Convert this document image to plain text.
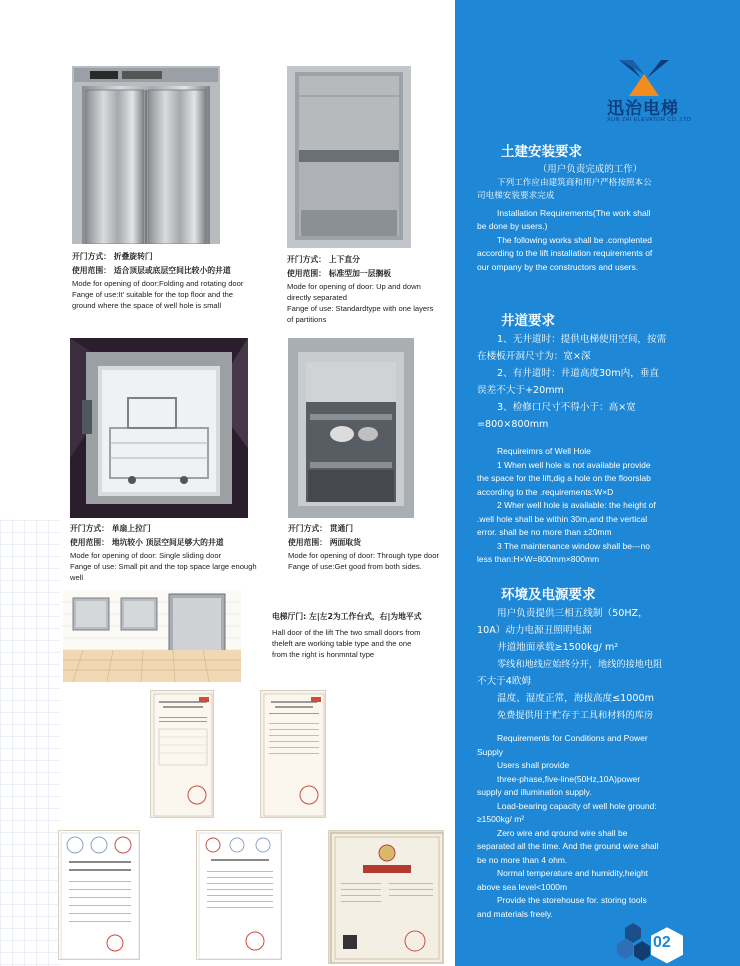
开门方式： 折叠旋转门
使用范围： 适合顶层或底层空间比较小的井道
Mode for opening of door:Folding and rotating door
Fange of use:It' suitable for the top floor and the
ground where the space of well hole is small
开门方式： 上下直分
使用范围： 标准型加一层搁板
Mode for opening of door: Up and down
directly separated
Fange of use: Standardtype with one layers
of partitions
开门方式： 单扇上拉门
使用范围： 地坑较小 顶层空间足够大的井道
Mode for opening of door: Single sliding door
Fange of use: Small pit and the top space large enough well
开门方式： 贯通门
使用范围： 两面取货
Mode for opening of door: Through type door
Fange of use:Get good from both sides.
电梯厅门: 左|左2为工作台式，右|为地平式
Hall door of the lift The two small doors from
theleft are working table type and the one
from the right is honmntal type
迅治电梯
XUN ZHI ELEVATOR CO.,LTD
土建安装要求

（用户负责完成的工作）

下列工作应由建筑商和用户严格按照本公

司电梯安装要求完成

Installation Requirements(The work shall

be done by users.)

The following works shall be .complented

according to the lift installation requirements of

our ompany by the constructors and users.

井道要求

1、无井道时：提供电梯使用空间，按需

在楼板开洞尺寸为：宽×深

2、有井道时：井道高度30m内，垂直

误差不大于+20mm

3、检修口尺寸不得小于：高×宽

=800×800mm

Requireimrs of Well Hole

1 When well hole is not available provide

the space for the lift,dig a hole on the floorslab

according to the .requirements:W×D

2 Wher well hole is available: the height of

.well hole shall be within 30m,and the vertical

error. shall be no more than ±20mm

3 The maintenance window shall be---no

less than:H×W=800mm×800mm

环境及电源要求

用户负责提供三相五线制（50HZ，

10A）动力电源丑照明电源

井道地面承载≥1500kg/ m²

零线和地线应始终分开，地线的接地电阻

不大于4欧姆

温度、湿度正常，海拔高度≤1000m

免费提供用于贮存于工具和材料的库房

Requirements for Conditions and Power

Supply

Users shall provide

three-phase,five-line(50Hz,10A)power

supply and illumination supply.

Load-bearing capacity of well hole ground:

≥1500kg/ m²

Zero wire and qround wire shall be

separated all the time. And the ground wire shall

be no more than 4 ohm.

Normal temperature and humidity,height

above sea level<1000m

Provide the storehouse for. storing tools

and materials freely.

02
